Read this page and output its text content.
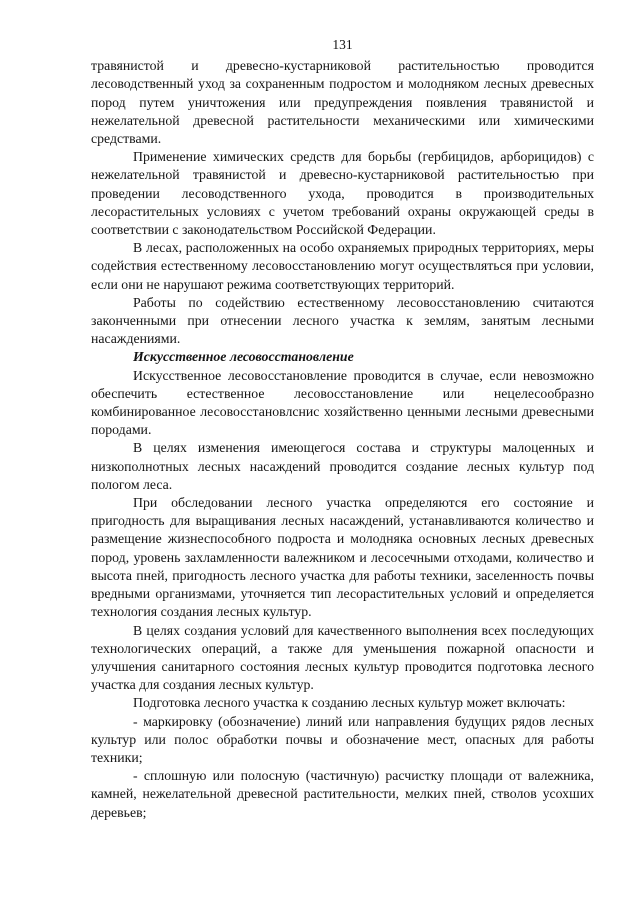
131

травянистой и древесно-кустарниковой растительностью проводится лесоводственный уход за сохраненным подростом и молодняком лесных древесных пород путем уничтожения или предупреждения появления травянистой и нежелательной древесной растительности механическими или химическими средствами.

Применение химических средств для борьбы (гербицидов, арборицидов) с нежелательной травянистой и древесно-кустарниковой растительностью при проведении лесоводственного ухода, проводится в производительных лесорастительных условиях с учетом требований охраны окружающей среды в соответствии с законодательством Российской Федерации.

В лесах, расположенных на особо охраняемых природных территориях, меры содействия естественному лесовосстановлению могут осуществляться при условии, если они не нарушают режима соответствующих территорий.

Работы по содействию естественному лесовосстановлению считаются законченными при отнесении лесного участка к землям, занятым лесными насаждениями.

Искусственное лесовосстановление

Искусственное лесовосстановление проводится в случае, если невозможно обеспечить естественное лесовосстановление или нецелесообразно комбинированное лесовосстановлснис хозяйственно ценными лесными древесными породами.

В целях изменения имеющегося состава и структуры малоценных и низкополнотных лесных насаждений проводится создание лесных культур под пологом леса.

При обследовании лесного участка определяются его состояние и пригодность для выращивания лесных насаждений, устанавливаются количество и размещение жизнеспособного подроста и молодняка основных лесных древесных пород, уровень захламленности валежником и лесосечными отходами, количество и высота пней, пригодность лесного участка для работы техники, заселенность почвы вредными организмами, уточняется тип лесорастительных условий и определяется технология создания лесных культур.

В целях создания условий для качественного выполнения всех последующих технологических операций, а также для уменьшения пожарной опасности и улучшения санитарного состояния лесных культур проводится подготовка лесного участка для создания лесных культур.

Подготовка лесного участка к созданию лесных культур может включать:

- маркировку (обозначение) линий или направления будущих рядов лесных культур или полос обработки почвы и обозначение мест, опасных для работы техники;

- сплошную или полосную (частичную) расчистку площади от валежника, камней, нежелательной древесной растительности, мелких пней, стволов усохших деревьев;
